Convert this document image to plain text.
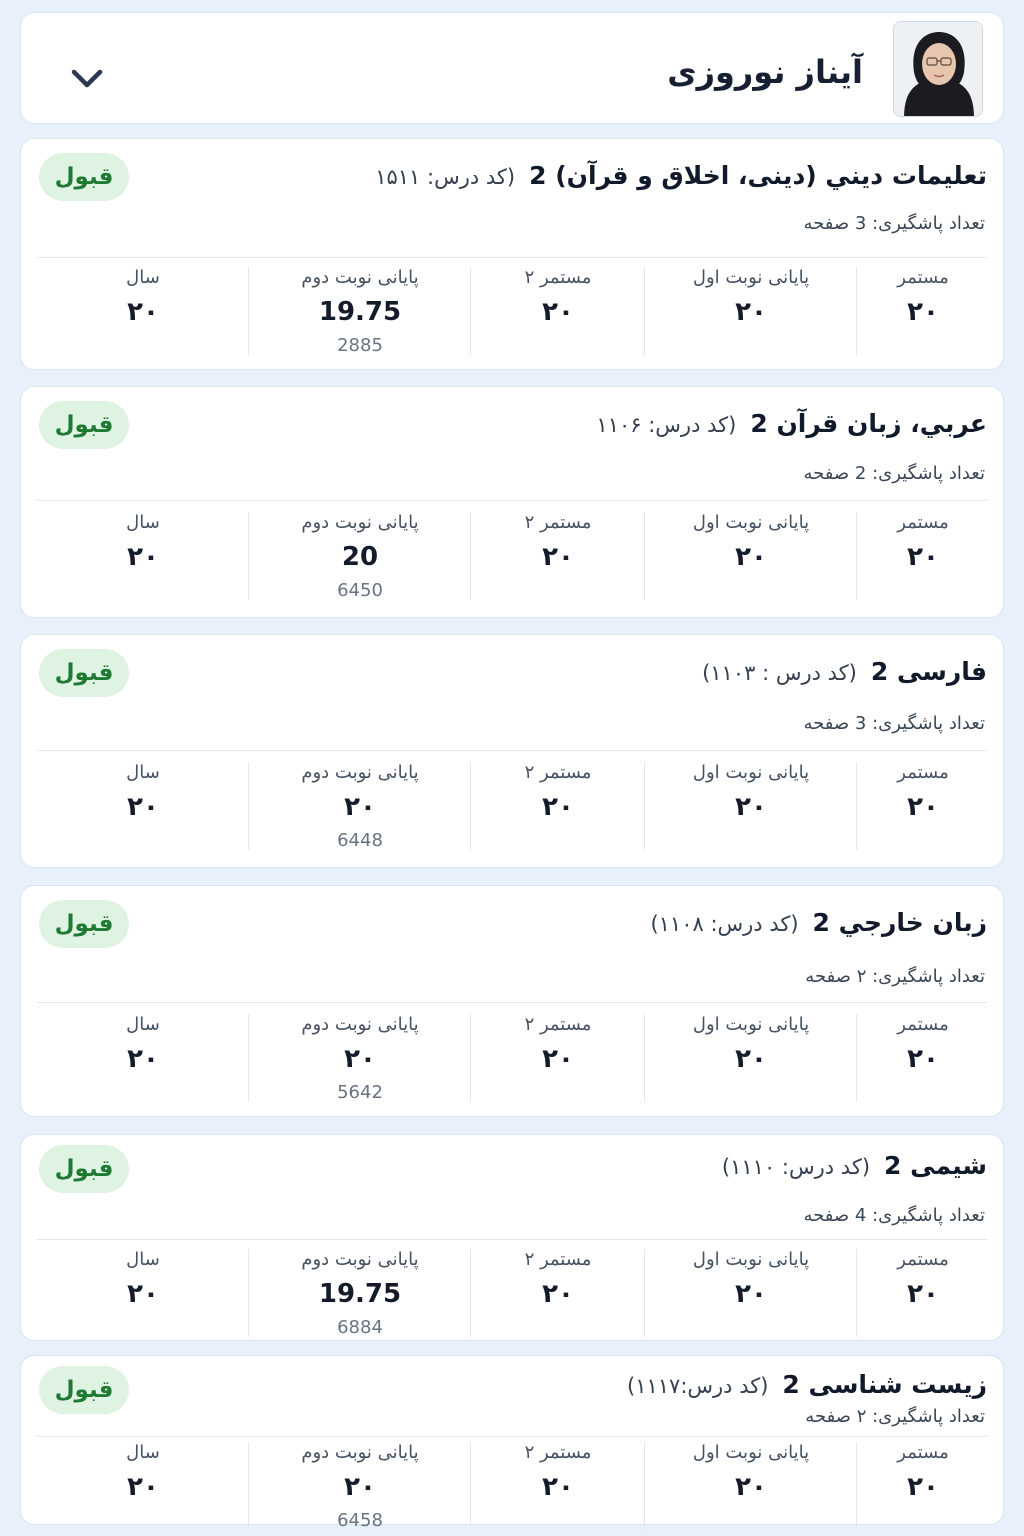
آیناز نوروزی
تعليمات ديني (دینی، اخلاق و قرآن) 2(کد درس: ۱۵۱۱
تعداد پاشگیری: 3 صفحه
قبول
سال
۲۰
پایانی نوبت دوم
19.75
2885
مستمر ۲
۲۰
پایانی نوبت اول
۲۰
مستمر
۲۰
عربي، زبان قرآن 2(کد درس: ۱۱۰۶
تعداد پاشگیری: 2 صفحه
قبول
سال
۲۰
پایانی نوبت دوم
20
6450
مستمر ۲
۲۰
پایانی نوبت اول
۲۰
مستمر
۲۰
فارسی 2(کد درس : ۱۱۰۳)
تعداد پاشگیری: 3 صفحه
قبول
سال
۲۰
پایانی نوبت دوم
۲۰
6448
مستمر ۲
۲۰
پایانی نوبت اول
۲۰
مستمر
۲۰
زبان خارجي 2(کد درس: ۱۱۰۸)
تعداد پاشگیری: ۲ صفحه
قبول
سال
۲۰
پایانی نوبت دوم
۲۰
5642
مستمر ۲
۲۰
پایانی نوبت اول
۲۰
مستمر
۲۰
شیمی 2(کد درس: ۱۱۱۰)
تعداد پاشگیری: 4 صفحه
قبول
سال
۲۰
پایانی نوبت دوم
19.75
6884
مستمر ۲
۲۰
پایانی نوبت اول
۲۰
مستمر
۲۰
زیست شناسی 2(کد درس:۱۱۱۷)
تعداد پاشگیری: ۲ صفحه
قبول
سال
۲۰
پایانی نوبت دوم
۲۰
6458
مستمر ۲
۲۰
پایانی نوبت اول
۲۰
مستمر
۲۰
